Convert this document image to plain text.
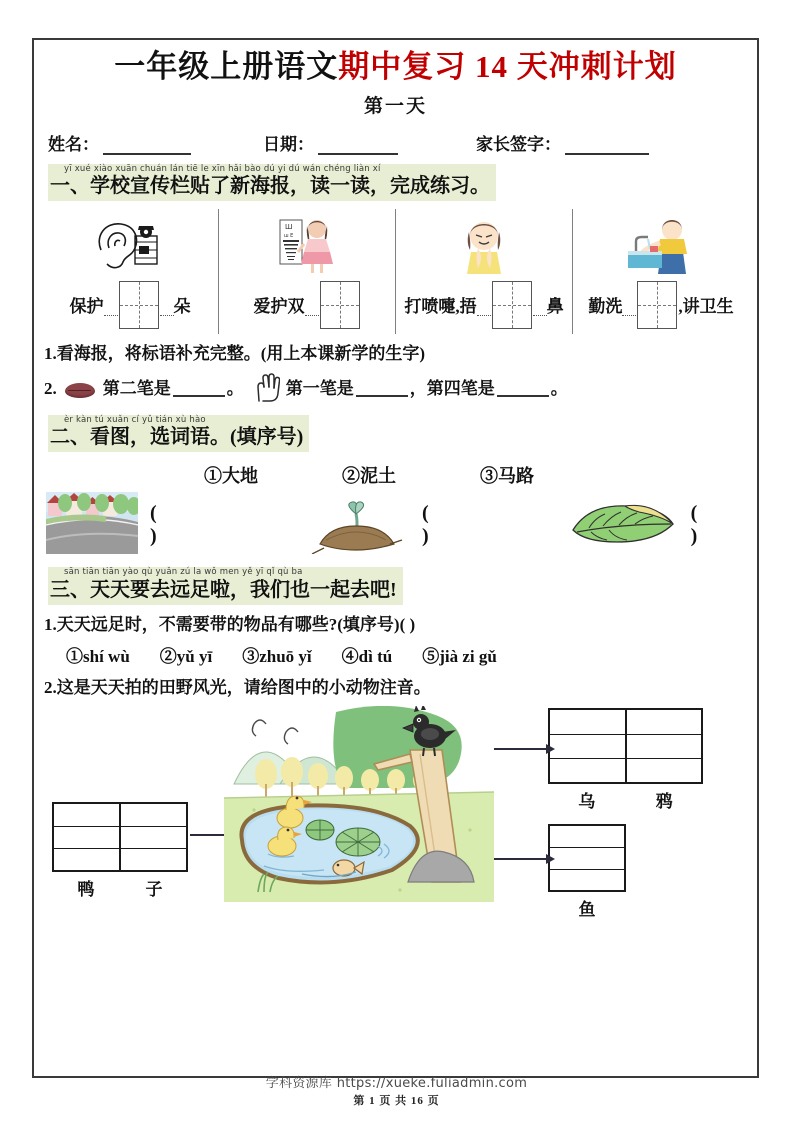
一年级上册语文期中复习 14 天冲刺计划
第一天
姓名：	日期：	家长签字：
yī xué xiào xuān chuán lán tiē le xīn hǎi bào dú yi dú wán chéng liàn xí
一、学校宣传栏贴了新海报，读一读，完成练习。
保护	朵
Ш
ш E
爱护双	打喷嚏,捂	鼻 勤洗	,讲卫生
1.看海报，将标语补充完整。(用上本课新学的生字)
2.	第二笔是	。 第一笔是	，第四笔是	。
èr kàn tú xuǎn cí yǔ tián xù hào
二、看图，选词语。(填序号)
①大地	②泥土	③马路
( )
( )
( )
sān tiān tiān yào qù yuǎn zú la wǒ men yě yī qǐ qù ba
三、天天要去远足啦，我们也一起去吧!
1.天天远足时，不需要带的物品有哪些?(填序号)( )
①shí wù ②yǔ yī ③zhuō yǐ ④dì tú ⑤jià zi gǔ
2.这是天天拍的田野风光，请给图中的小动物注音。
乌	鸦
鸭	子
鱼
学科资源库 https://xueke.fuliadmin.com
第 1 页 共 16 页
